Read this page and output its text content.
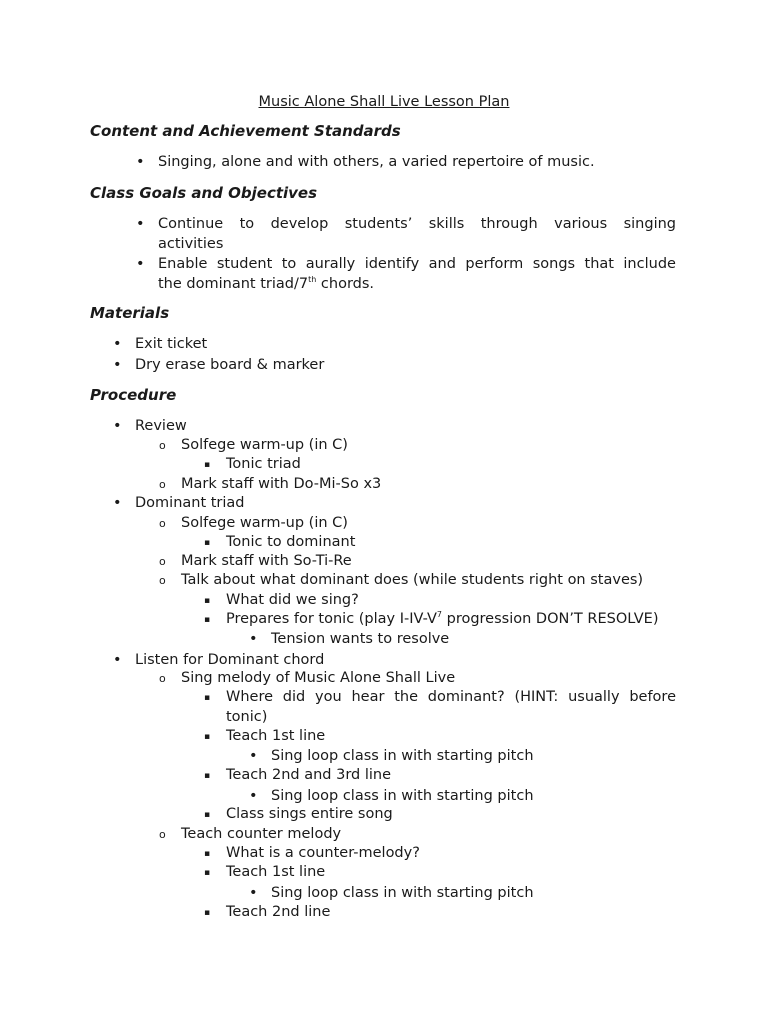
Music Alone Shall Live Lesson Plan
Content and Achievement Standards
• Singing, alone and with others, a varied repertoire of music.
Class Goals and Objectives
• Continue to develop students’ skills through various singing
activities
• Enable student to aurally identify and perform songs that include
the dominant triad/7th chords.
Materials
• Exit ticket
• Dry erase board & marker
Procedure
• Review
o Solfege warm-up (in C)
▪ Tonic triad
o Mark staff with Do-Mi-So x3
• Dominant triad
o Solfege warm-up (in C)
▪ Tonic to dominant
o Mark staff with So-Ti-Re
o Talk about what dominant does (while students right on staves)
▪ What did we sing?
▪ Prepares for tonic (play $I-IV-V^7$ progression DON’T RESOLVE)
• Tension wants to resolve
• Listen for Dominant chord
o Sing melody of Music Alone Shall Live
▪ Where did you hear the dominant? (HINT: usually before
tonic)
▪ Teach 1st line
• Sing loop class in with starting pitch
▪ Teach 2nd and 3rd line
• Sing loop class in with starting pitch
▪ Class sings entire song
o Teach counter melody
▪ What is a counter-melody?
▪ Teach 1st line
• Sing loop class in with starting pitch
▪ Teach 2nd line
